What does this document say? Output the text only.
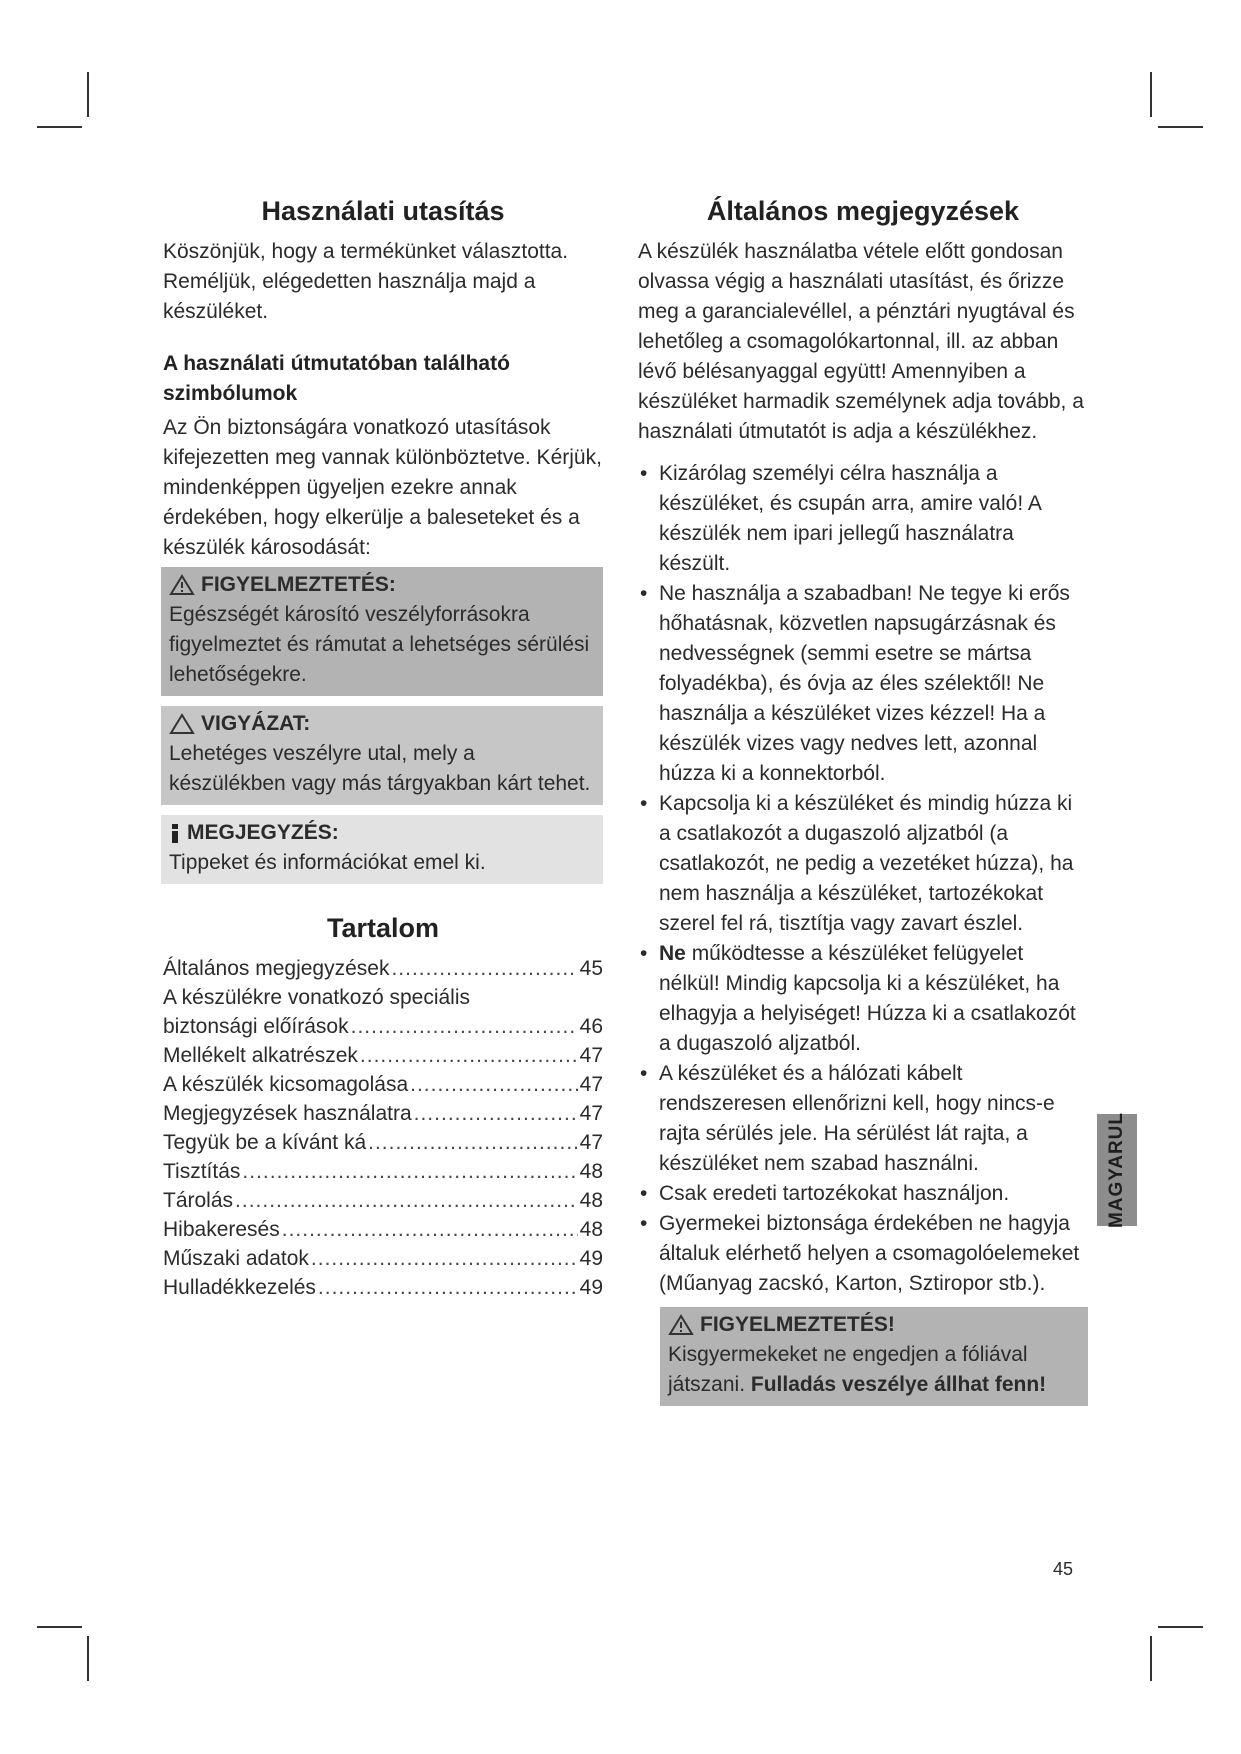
Használati utasítás

Köszönjük, hogy a termékünket választotta. Reméljük, elégedetten használja majd a készüléket.

A használati útmutatóban található szimbólumok

Az Ön biztonságára vonatkozó utasítások kifejezetten meg vannak különböztetve. Kérjük, mindenképpen ügyeljen ezekre annak érdekében, hogy elkerülje a baleseteket és a készülék károsodását:

FIGYELMEZTETÉS:

Egészségét károsító veszélyforrásokra figyelmeztet és rámutat a lehetséges sérülési lehetőségekre.

VIGYÁZAT:

Lehetéges veszélyre utal, mely a készülékben vagy más tárgyakban kárt tehet.

MEGJEGYZÉS:

Tippeket és információkat emel ki.

Tartalom
Általános megjegyzések .....	45
A készülékre vonatkozó speciális
biztonsági előírások .....	46
Mellékelt alkatrészek .....	47
A készülék kicsomagolása .....	47
Megjegyzések használatra .....	47
Tegyük be a kívánt ká .....	47
Tisztítás .....	48
Tárolás .....	48
Hibakeresés .....	48
Műszaki adatok .....	49
Hulladékkezelés .....	49
Általános megjegyzések

A készülék használatba vétele előtt gondosan olvassa végig a használati utasítást, és őrizze meg a garancialevéllel, a pénztári nyugtával és lehetőleg a csomagolókartonnal, ill. az abban lévő bélésanyaggal együtt! Amennyiben a készüléket harmadik személynek adja tovább, a használati útmutatót is adja a készülékhez.

• Kizárólag személyi célra használja a készüléket, és csupán arra, amire való! A készülék nem ipari jellegű használatra készült.
• Ne használja a szabadban! Ne tegye ki erős hőhatásnak, közvetlen napsugárzásnak és nedvességnek (semmi esetre se mártsa folyadékba), és óvja az éles szélektől! Ne használja a készüléket vizes kézzel! Ha a készülék vizes vagy nedves lett, azonnal húzza ki a konnektorból.
• Kapcsolja ki a készüléket és mindig húzza ki a csatlakozót a dugaszoló aljzatból (a csatlakozót, ne pedig a vezetéket húzza), ha nem használja a készüléket, tartozékokat szerel fel rá, tisztítja vagy zavart észlel.
• Ne működtesse a készüléket felügyelet nélkül! Mindig kapcsolja ki a készüléket, ha elhagyja a helyiséget! Húzza ki a csatlakozót a dugaszoló aljzatból.
• A készüléket és a hálózati kábelt rendszeresen ellenőrizni kell, hogy nincs-e rajta sérülés jele. Ha sérülést lát rajta, a készüléket nem szabad használni.
• Csak eredeti tartozékokat használjon.
• Gyermekei biztonsága érdekében ne hagyja általuk elérhető helyen a csomagolóelemeket (Műanyag zacskó, Karton, Sztiropor stb.).
FIGYELMEZTETÉS!

Kisgyermekeket ne engedjen a fóliával játszani. Fulladás veszélye állhat fenn!

MAGYARUL
45
